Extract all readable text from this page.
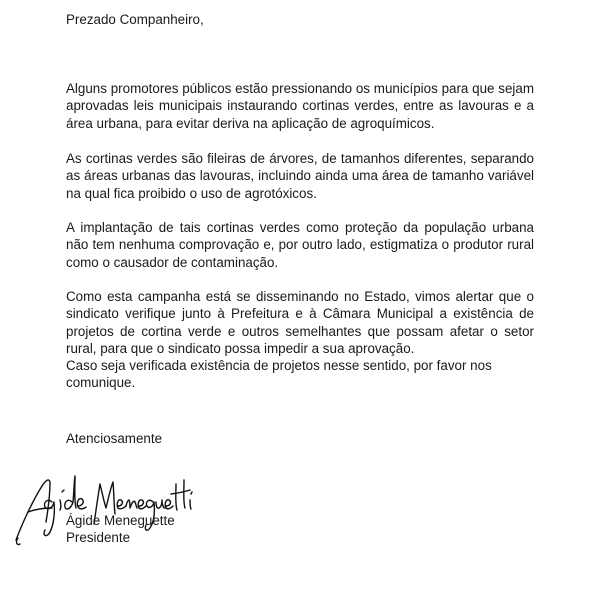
Prezado Companheiro,

Alguns promotores públicos estão pressionando os municípios para que sejam aprovadas leis municipais instaurando cortinas verdes, entre as lavouras e a área urbana, para evitar deriva na aplicação de agroquímicos.
As cortinas verdes são fileiras de árvores, de tamanhos diferentes, separando as áreas urbanas das lavouras, incluindo ainda uma área de tamanho variável na qual fica proibido o uso de agrotóxicos.
A implantação de tais cortinas verdes como proteção da população urbana não tem nenhuma comprovação e, por outro lado, estigmatiza o produtor rural como o causador de contaminação.
Como esta campanha está se disseminando no Estado, vimos alertar que o sindicato verifique junto à Prefeitura e à Câmara Municipal a existência de projetos de cortina verde e outros semelhantes que possam afetar o setor rural, para que o sindicato possa impedir a sua aprovação.
Caso seja verificada existência de projetos nesse sentido, por favor nos comunique.

Atenciosamente

Ágide Meneguette

Presidente
